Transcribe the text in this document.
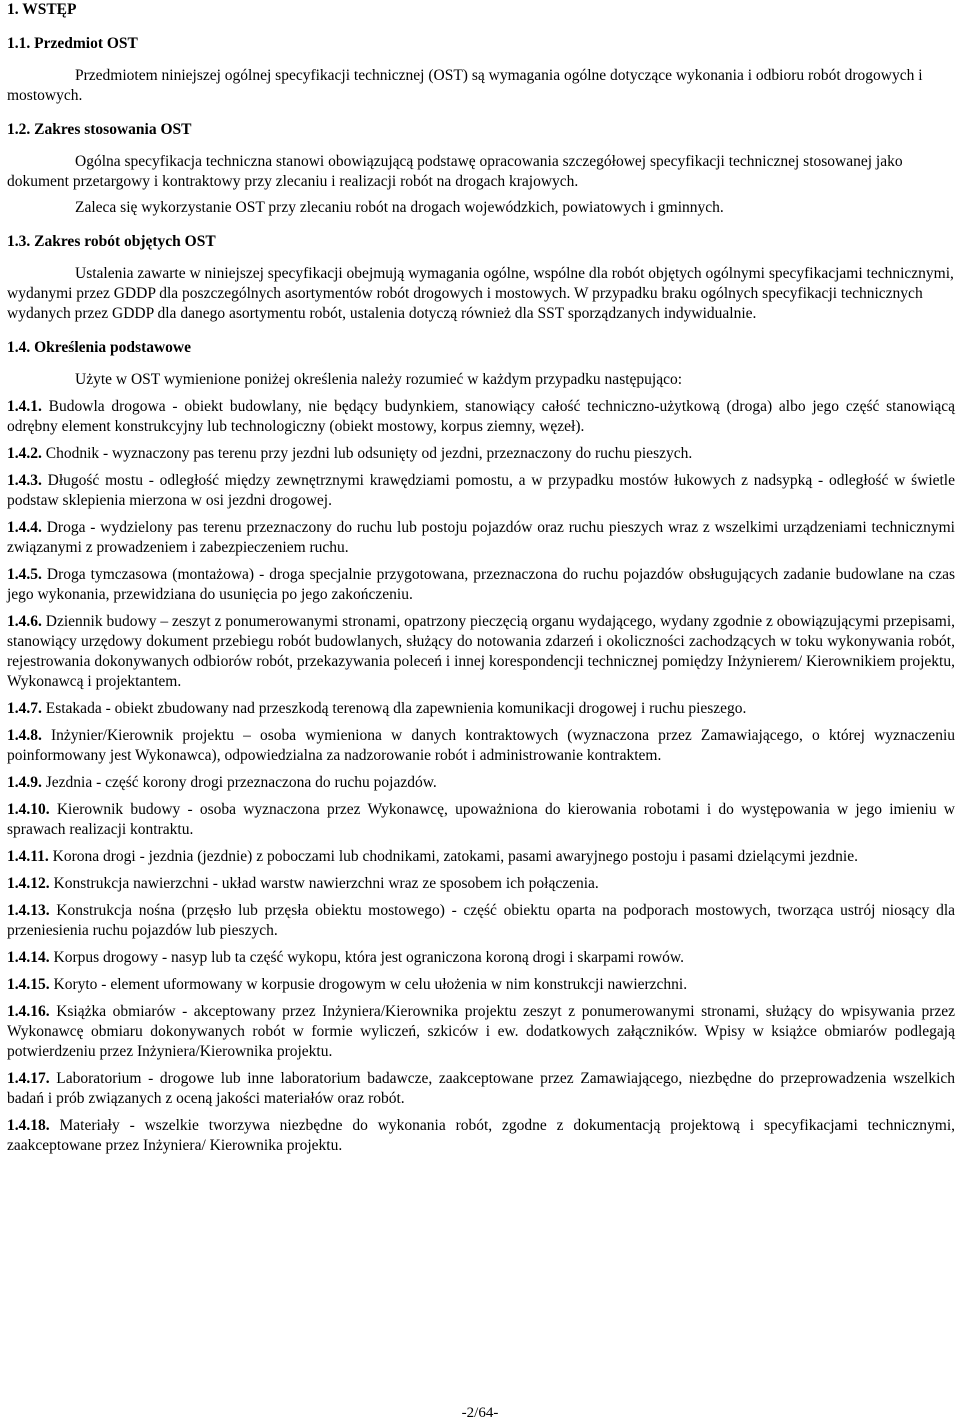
1. WSTĘP
1.1. Przedmiot OST

Przedmiotem niniejszej ogólnej specyfikacji technicznej (OST) są wymagania ogólne dotyczące wykonania i odbioru robót drogowych i mostowych.

1.2. Zakres stosowania OST

Ogólna specyfikacja techniczna stanowi obowiązującą podstawę opracowania szczegółowej specyfikacji technicznej stosowanej jako dokument przetargowy i kontraktowy przy zlecaniu i realizacji robót na drogach krajowych.

Zaleca się wykorzystanie OST przy zlecaniu robót na drogach wojewódzkich, powiatowych i gminnych.

1.3. Zakres robót objętych OST

Ustalenia zawarte w niniejszej specyfikacji obejmują wymagania ogólne, wspólne dla robót objętych ogólnymi specyfikacjami technicznymi, wydanymi przez GDDP dla poszczególnych asortymentów robót drogowych i mostowych. W przypadku braku ogólnych specyfikacji technicznych wydanych przez GDDP dla danego asortymentu robót, ustalenia dotyczą również dla SST sporządzanych indywidualnie.

1.4. Określenia podstawowe

Użyte w OST wymienione poniżej określenia należy rozumieć w każdym przypadku następująco:

1.4.1. Budowla drogowa - obiekt budowlany, nie będący budynkiem, stanowiący całość techniczno-użytkową (droga) albo jego część stanowiącą odrębny element konstrukcyjny lub technologiczny (obiekt mostowy, korpus ziemny, węzeł).

1.4.2. Chodnik - wyznaczony pas terenu przy jezdni lub odsunięty od jezdni, przeznaczony do ruchu pieszych.

1.4.3. Długość mostu - odległość między zewnętrznymi krawędziami pomostu, a w przypadku mostów łukowych z nadsypką - odległość w świetle podstaw sklepienia mierzona w osi jezdni drogowej.

1.4.4. Droga - wydzielony pas terenu przeznaczony do ruchu lub postoju pojazdów oraz ruchu pieszych wraz z wszelkimi urządzeniami technicznymi związanymi z prowadzeniem i zabezpieczeniem ruchu.

1.4.5. Droga tymczasowa (montażowa) - droga specjalnie przygotowana, przeznaczona do ruchu pojazdów obsługujących zadanie budowlane na czas jego wykonania, przewidziana do usunięcia po jego zakończeniu.

1.4.6. Dziennik budowy – zeszyt z ponumerowanymi stronami, opatrzony pieczęcią organu wydającego, wydany zgodnie z obowiązującymi przepisami, stanowiący urzędowy dokument przebiegu robót budowlanych, służący do notowania zdarzeń i okoliczności zachodzących w toku wykonywania robót, rejestrowania dokonywanych odbiorów robót, przekazywania poleceń i innej korespondencji technicznej pomiędzy Inżynierem/ Kierownikiem projektu, Wykonawcą i projektantem.

1.4.7. Estakada - obiekt zbudowany nad przeszkodą terenową dla zapewnienia komunikacji drogowej i ruchu pieszego.

1.4.8. Inżynier/Kierownik projektu – osoba wymieniona w danych kontraktowych (wyznaczona przez Zamawiającego, o której wyznaczeniu poinformowany jest Wykonawca), odpowiedzialna za nadzorowanie robót i administrowanie kontraktem.

1.4.9. Jezdnia - część korony drogi przeznaczona do ruchu pojazdów.

1.4.10. Kierownik budowy - osoba wyznaczona przez Wykonawcę, upoważniona do kierowania robotami i do występowania w jego imieniu w sprawach realizacji kontraktu.

1.4.11. Korona drogi - jezdnia (jezdnie) z poboczami lub chodnikami, zatokami, pasami awaryjnego postoju i pasami dzielącymi jezdnie.

1.4.12. Konstrukcja nawierzchni - układ warstw nawierzchni wraz ze sposobem ich połączenia.

1.4.13. Konstrukcja nośna (przęsło lub przęsła obiektu mostowego) - część obiektu oparta na podporach mostowych, tworząca ustrój niosący dla przeniesienia ruchu pojazdów lub pieszych.

1.4.14. Korpus drogowy - nasyp lub ta część wykopu, która jest ograniczona koroną drogi i skarpami rowów.

1.4.15. Koryto - element uformowany w korpusie drogowym w celu ułożenia w nim konstrukcji nawierzchni.

1.4.16. Książka obmiarów - akceptowany przez Inżyniera/Kierownika projektu zeszyt z ponumerowanymi stronami, służący do wpisywania przez Wykonawcę obmiaru dokonywanych robót w formie wyliczeń, szkiców i ew. dodatkowych załączników. Wpisy w książce obmiarów podlegają potwierdzeniu przez Inżyniera/Kierownika projektu.

1.4.17. Laboratorium - drogowe lub inne laboratorium badawcze, zaakceptowane przez Zamawiającego, niezbędne do przeprowadzenia wszelkich badań i prób związanych z oceną jakości materiałów oraz robót.

1.4.18. Materiały - wszelkie tworzywa niezbędne do wykonania robót, zgodne z dokumentacją projektową i specyfikacjami technicznymi, zaakceptowane przez Inżyniera/ Kierownika projektu.

-2/64-
